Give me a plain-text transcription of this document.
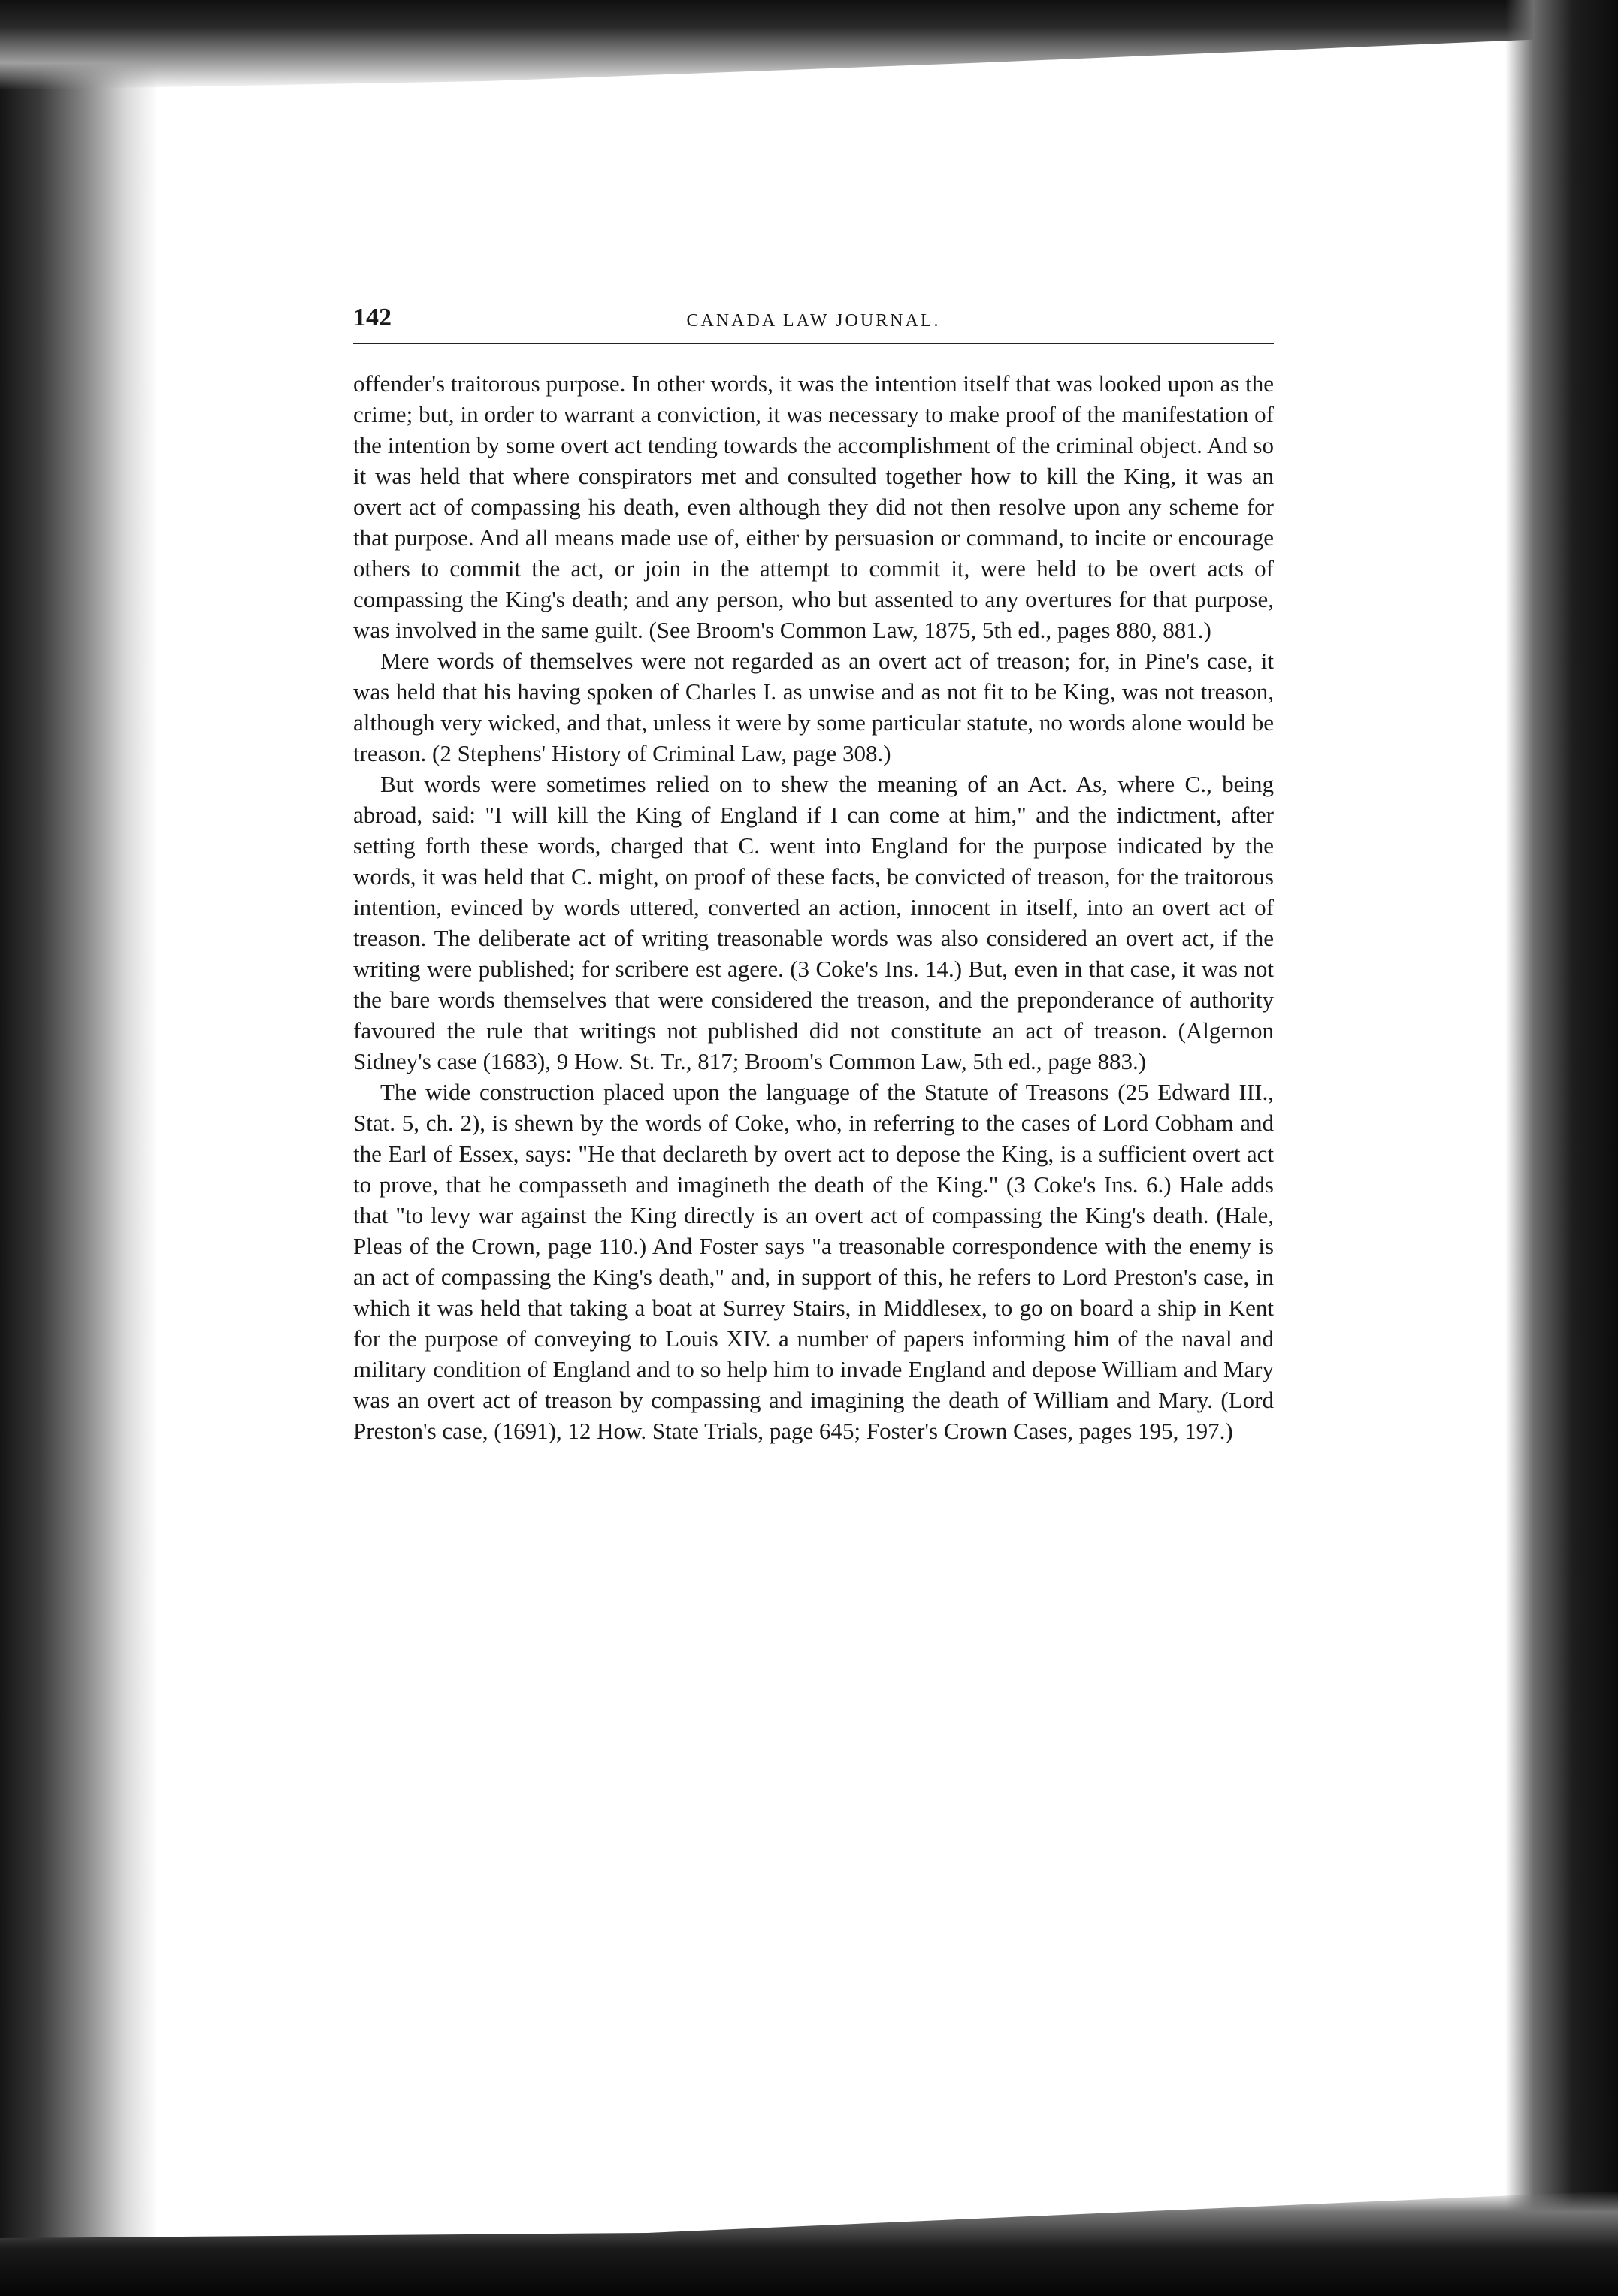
142	CANADA LAW JOURNAL.

offender's traitorous purpose. In other words, it was the intention itself that was looked upon as the crime; but, in order to warrant a conviction, it was necessary to make proof of the manifestation of the intention by some overt act tending towards the accomplishment of the criminal object. And so it was held that where conspirators met and consulted together how to kill the King, it was an overt act of compassing his death, even although they did not then resolve upon any scheme for that purpose. And all means made use of, either by persuasion or command, to incite or encourage others to commit the act, or join in the attempt to commit it, were held to be overt acts of compassing the King's death; and any person, who but assented to any overtures for that purpose, was involved in the same guilt. (See Broom's Common Law, 1875, 5th ed., pages 880, 881.)

Mere words of themselves were not regarded as an overt act of treason; for, in Pine's case, it was held that his having spoken of Charles I. as unwise and as not fit to be King, was not treason, although very wicked, and that, unless it were by some particular statute, no words alone would be treason. (2 Stephens' History of Criminal Law, page 308.)

But words were sometimes relied on to shew the meaning of an Act. As, where C., being abroad, said: "I will kill the King of England if I can come at him," and the indictment, after setting forth these words, charged that C. went into England for the purpose indicated by the words, it was held that C. might, on proof of these facts, be convicted of treason, for the traitorous intention, evinced by words uttered, converted an action, innocent in itself, into an overt act of treason. The deliberate act of writing treasonable words was also considered an overt act, if the writing were published; for scribere est agere. (3 Coke's Ins. 14.) But, even in that case, it was not the bare words themselves that were considered the treason, and the preponderance of authority favoured the rule that writings not published did not constitute an act of treason. (Algernon Sidney's case (1683), 9 How. St. Tr., 817; Broom's Common Law, 5th ed., page 883.)

The wide construction placed upon the language of the Statute of Treasons (25 Edward III., Stat. 5, ch. 2), is shewn by the words of Coke, who, in referring to the cases of Lord Cobham and the Earl of Essex, says: "He that declareth by overt act to depose the King, is a sufficient overt act to prove, that he compasseth and imagineth the death of the King." (3 Coke's Ins. 6.) Hale adds that "to levy war against the King directly is an overt act of compassing the King's death. (Hale, Pleas of the Crown, page 110.) And Foster says "a treasonable correspondence with the enemy is an act of compassing the King's death," and, in support of this, he refers to Lord Preston's case, in which it was held that taking a boat at Surrey Stairs, in Middlesex, to go on board a ship in Kent for the purpose of conveying to Louis XIV. a number of papers informing him of the naval and military condition of England and to so help him to invade England and depose William and Mary was an overt act of treason by compassing and imagining the death of William and Mary. (Lord Preston's case, (1691), 12 How. State Trials, page 645; Foster's Crown Cases, pages 195, 197.)
